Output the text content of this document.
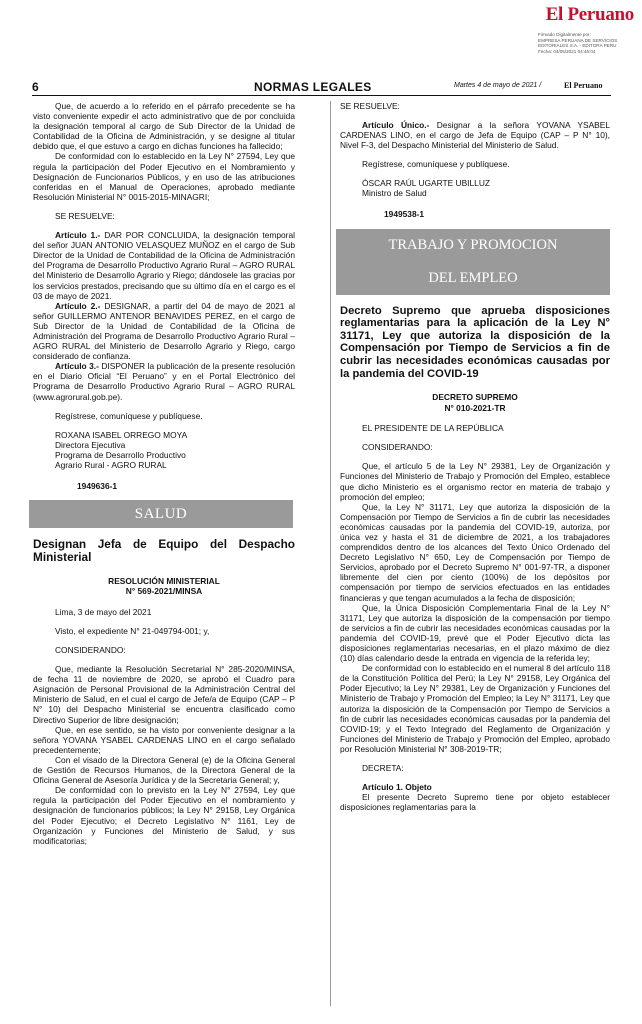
El Peruano
Firmado Digitalmente por:
EMPRESA PERUANA DE SERVICIOS
EDITORIALES S.A. - EDITORA PERU
Fecha: 04/05/2021 04:46:04
6	NORMAS LEGALES	Martes 4 de mayo de 2021 /	El Peruano

Que, de acuerdo a lo referido en el párrafo precedente se ha visto conveniente expedir el acto administrativo que de por concluida la designación temporal al cargo de Sub Director de la Unidad de Contabilidad de la Oficina de Administración, y se designe al titular debido que, el que estuvo a cargo en dichas funciones ha fallecido;

De conformidad con lo establecido en la Ley N° 27594, Ley que regula la participación del Poder Ejecutivo en el Nombramiento y Designación de Funcionarios Públicos, y en uso de las atribuciones conferidas en el Manual de Operaciones, aprobado mediante Resolución Ministerial N° 0015-2015-MINAGRI;

SE RESUELVE:

Artículo 1.- DAR POR CONCLUIDA, la designación temporal del señor JUAN ANTONIO VELASQUEZ MUÑOZ en el cargo de Sub Director de la Unidad de Contabilidad de la Oficina de Administración del Programa de Desarrollo Productivo Agrario Rural – AGRO RURAL del Ministerio de Desarrollo Agrario y Riego; dándosele las gracias por los servicios prestados, precisando que su último día en el cargo es el 03 de mayo de 2021.

Artículo 2.- DESIGNAR, a partir del 04 de mayo de 2021 al señor GUILLERMO ANTENOR BENAVIDES PEREZ, en el cargo de Sub Director de la Unidad de Contabilidad de la Oficina de Administración del Programa de Desarrollo Productivo Agrario Rural – AGRO RURAL del Ministerio de Desarrollo Agrario y Riego, cargo considerado de confianza.

Artículo 3.- DISPONER la publicación de la presente resolución en el Diario Oficial “El Peruano” y en el Portal Electrónico del Programa de Desarrollo Productivo Agrario Rural – AGRO RURAL (www.agrorural.gob.pe).

Regístrese, comuníquese y publíquese.

ROXANA ISABEL ORREGO MOYA
Directora Ejecutiva
Programa de Desarrollo Productivo
Agrario Rural - AGRO RURAL

1949636-1

SALUD
Designan Jefa de Equipo del Despacho Ministerial
RESOLUCIÓN MINISTERIAL
N° 569-2021/MINSA

Lima, 3 de mayo del 2021

Visto, el expediente N° 21-049794-001; y,

CONSIDERANDO:

Que, mediante la Resolución Secretarial N° 285-2020/MINSA, de fecha 11 de noviembre de 2020, se aprobó el Cuadro para Asignación de Personal Provisional de la Administración Central del Ministerio de Salud, en el cual el cargo de Jefe/a de Equipo (CAP – P N° 10) del Despacho Ministerial se encuentra clasificado como Directivo Superior de libre designación;

Que, en ese sentido, se ha visto por conveniente designar a la señora YOVANA YSABEL CARDENAS LINO en el cargo señalado precedentemente;

Con el visado de la Directora General (e) de la Oficina General de Gestión de Recursos Humanos, de la Directora General de la Oficina General de Asesoría Jurídica y de la Secretaria General; y,

De conformidad con lo previsto en la Ley N° 27594, Ley que regula la participación del Poder Ejecutivo en el nombramiento y designación de funcionarios públicos; la Ley N° 29158, Ley Orgánica del Poder Ejecutivo; el Decreto Legislativo N° 1161, Ley de Organización y Funciones del Ministerio de Salud, y sus modificatorias;

SE RESUELVE:

Artículo Único.- Designar a la señora YOVANA YSABEL CARDENAS LINO, en el cargo de Jefa de Equipo (CAP – P N° 10), Nivel F-3, del Despacho Ministerial del Ministerio de Salud.

Regístrese, comuníquese y publíquese.

ÓSCAR RAÚL UGARTE UBILLUZ
Ministro de Salud

1949538-1

TRABAJO Y PROMOCION
DEL EMPLEO
Decreto Supremo que aprueba disposiciones reglamentarias para la aplicación de la Ley N° 31171, Ley que autoriza la disposición de la Compensación por Tiempo de Servicios a fin de cubrir las necesidades económicas causadas por la pandemia del COVID-19
DECRETO SUPREMO
N° 010-2021-TR

EL PRESIDENTE DE LA REPÚBLICA

CONSIDERANDO:

Que, el artículo 5 de la Ley N° 29381, Ley de Organización y Funciones del Ministerio de Trabajo y Promoción del Empleo, establece que dicho Ministerio es el organismo rector en materia de trabajo y promoción del empleo;

Que, la Ley N° 31171, Ley que autoriza la disposición de la Compensación por Tiempo de Servicios a fin de cubrir las necesidades económicas causadas por la pandemia del COVID-19, autoriza, por única vez y hasta el 31 de diciembre de 2021, a los trabajadores comprendidos dentro de los alcances del Texto Único Ordenado del Decreto Legislativo N° 650, Ley de Compensación por Tiempo de Servicios, aprobado por el Decreto Supremo N° 001-97-TR, a disponer libremente del cien por ciento (100%) de los depósitos por compensación por tiempo de servicios efectuados en las entidades financieras y que tengan acumulados a la fecha de disposición;

Que, la Única Disposición Complementaria Final de la Ley N° 31171, Ley que autoriza la disposición de la compensación por tiempo de servicios a fin de cubrir las necesidades económicas causadas por la pandemia del COVID-19, prevé que el Poder Ejecutivo dicta las disposiciones reglamentarias necesarias, en el plazo máximo de diez (10) días calendario desde la entrada en vigencia de la referida ley;

De conformidad con lo establecido en el numeral 8 del artículo 118 de la Constitución Política del Perú; la Ley N° 29158, Ley Orgánica del Poder Ejecutivo; la Ley N° 29381, Ley de Organización y Funciones del Ministerio de Trabajo y Promoción del Empleo; la Ley N° 31171, Ley que autoriza la disposición de la Compensación por Tiempo de Servicios a fin de cubrir las necesidades económicas causadas por la pandemia del COVID-19; y el Texto Integrado del Reglamento de Organización y Funciones del Ministerio de Trabajo y Promoción del Empleo, aprobado por Resolución Ministerial N° 308-2019-TR;

DECRETA:

Artículo 1. Objeto

El presente Decreto Supremo tiene por objeto establecer disposiciones reglamentarias para la
